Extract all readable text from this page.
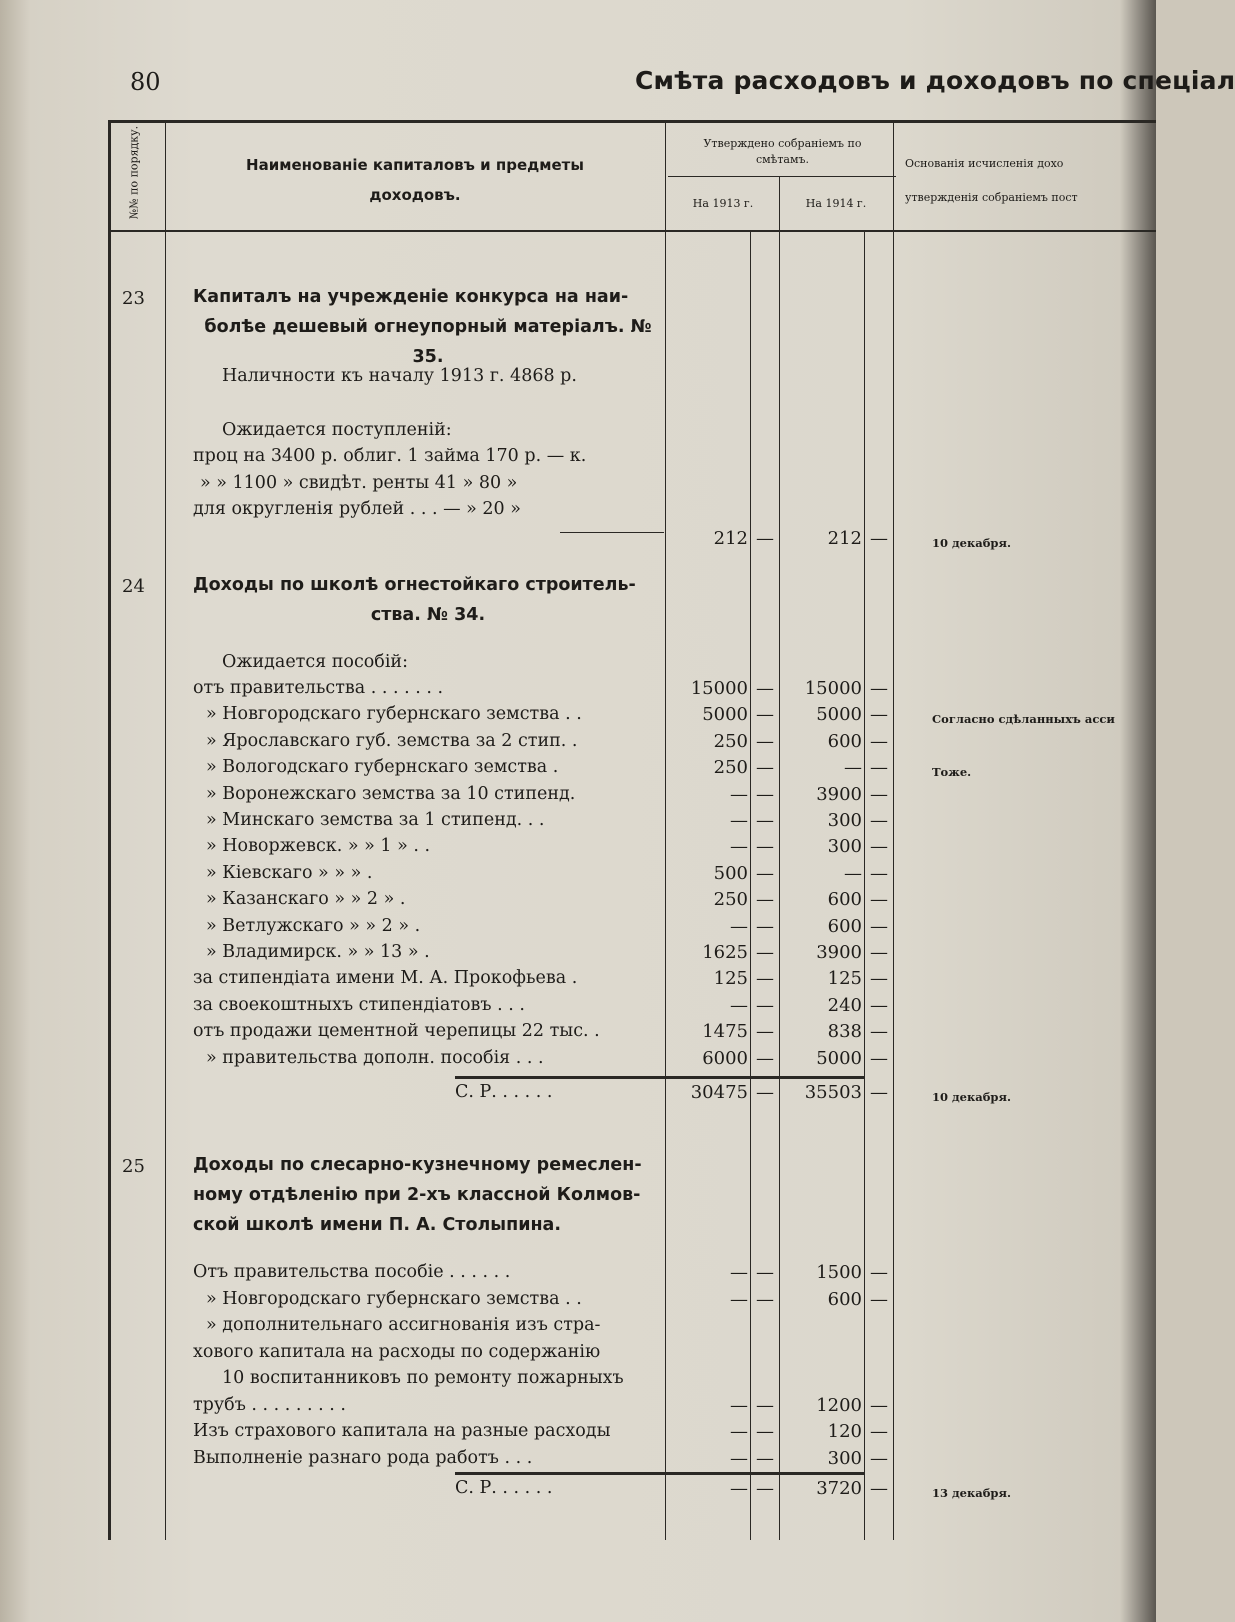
80	Смѣта расходовъ и доходовъ по спеціал
№№ по порядку.	Наименованіе капиталовъ и предметы
доходовъ.
Утверждено собраніемъ по смѣтамъ.
На 1913 г.	На 1914 г.
Основанія исчисленія дохо
утвержденія собраніемъ пост
23	Капиталъ на учрежденіе конкурса на наи-
болѣе дешевый огнеупорный матеріалъ. № 35.
Наличности къ началу 1913 г. 4868 р.
Ожидается поступленій:
проц на 3400 р. облиг. 1 займа 170 р. — к.
» » 1100 » свидѣт. ренты 41 » 80 »
для округленія рублей . . . — » 20 »
212 —	212 —	10 декабря.
24	Доходы по школѣ огнестойкаго строитель-
ства. № 34.
Ожидается пособій:
отъ правительства . . . . . . .	15000 —	15000 —
» Новгородскаго губернскаго земства . .	5000 —	5000 —	Согласно сдѣланныхъ асси
» Ярославскаго губ. земства за 2 стип. .	250 —	600 —
» Вологодскаго губернскаго земства .	250 —	— —	Тоже.
» Воронежскаго земства за 10 стипенд.	— —	3900 —
» Минскаго земства за 1 стипенд. . .	— —	300 —
» Новоржевск. » » 1 » . .	— —	300 —
» Кіевскаго » » » .	500 —	— —
» Казанскаго » » 2 » .	250 —	600 —
» Ветлужскаго » » 2 » .	— —	600 —
» Владимирск. » » 13 » .	1625 —	3900 —
за стипендіата имени М. А. Прокофьева .	125 —	125 —
за своекоштныхъ стипендіатовъ . . .	— —	240 —
отъ продажи цементной черепицы 22 тыс. .	1475 —	838 —
» правительства дополн. пособія . . .	6000 —	5000 —
С. Р. . . . . .	30475 —	35503 —	10 декабря.
25	Доходы по слесарно-кузнечному ремеслен-
ному отдѣленію при 2-хъ классной Колмов-
ской школѣ имени П. А. Столыпина.
Отъ правительства пособіе . . . . . .	— —	1500 —
» Новгородскаго губернскаго земства . .	— —	600 —
» дополнительнаго ассигнованія изъ стра-
хового капитала на расходы по содержанію
10 воспитанниковъ по ремонту пожарныхъ
трубъ . . . . . . . . .	— —	1200 —
Изъ страхового капитала на разные расходы	— —	120 —
Выполненіе разнаго рода работъ . . .	— —	300 —
С. Р. . . . . .	— —	3720 —	13 декабря.
